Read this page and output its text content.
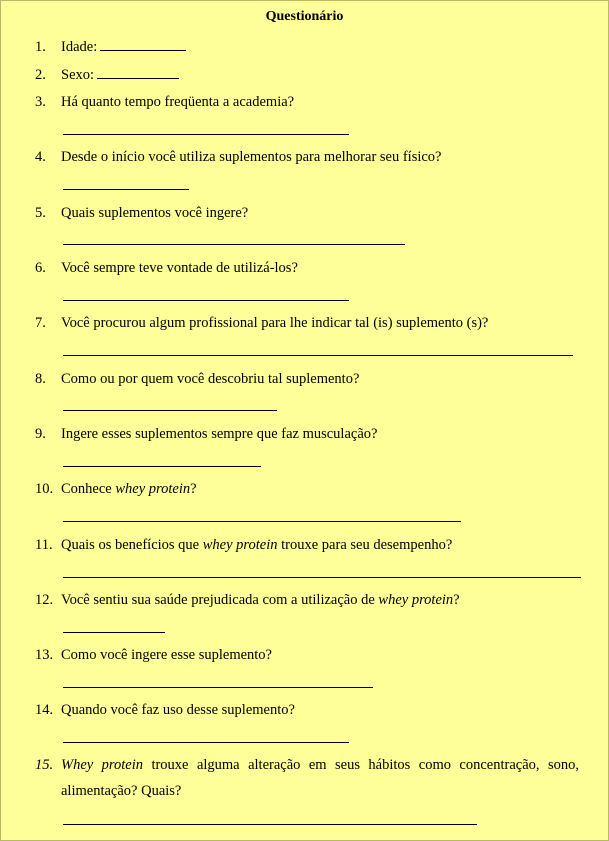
Questionário
1. Idade:
2. Sexo:
3. Há quanto tempo freqüenta a academia?
4. Desde o início você utiliza suplementos para melhorar seu físico?
5. Quais suplementos você ingere?
6. Você sempre teve vontade de utilizá-los?
7. Você procurou algum profissional para lhe indicar tal (is) suplemento (s)?
8. Como ou por quem você descobriu tal suplemento?
9. Ingere esses suplementos sempre que faz musculação?
10. Conhece whey protein?
11. Quais os benefícios que whey protein trouxe para seu desempenho?
12. Você sentiu sua saúde prejudicada com a utilização de whey protein?
13. Como você ingere esse suplemento?
14. Quando você faz uso desse suplemento?
15. Whey protein trouxe alguma alteração em seus hábitos como concentração, sono,
alimentação? Quais?
